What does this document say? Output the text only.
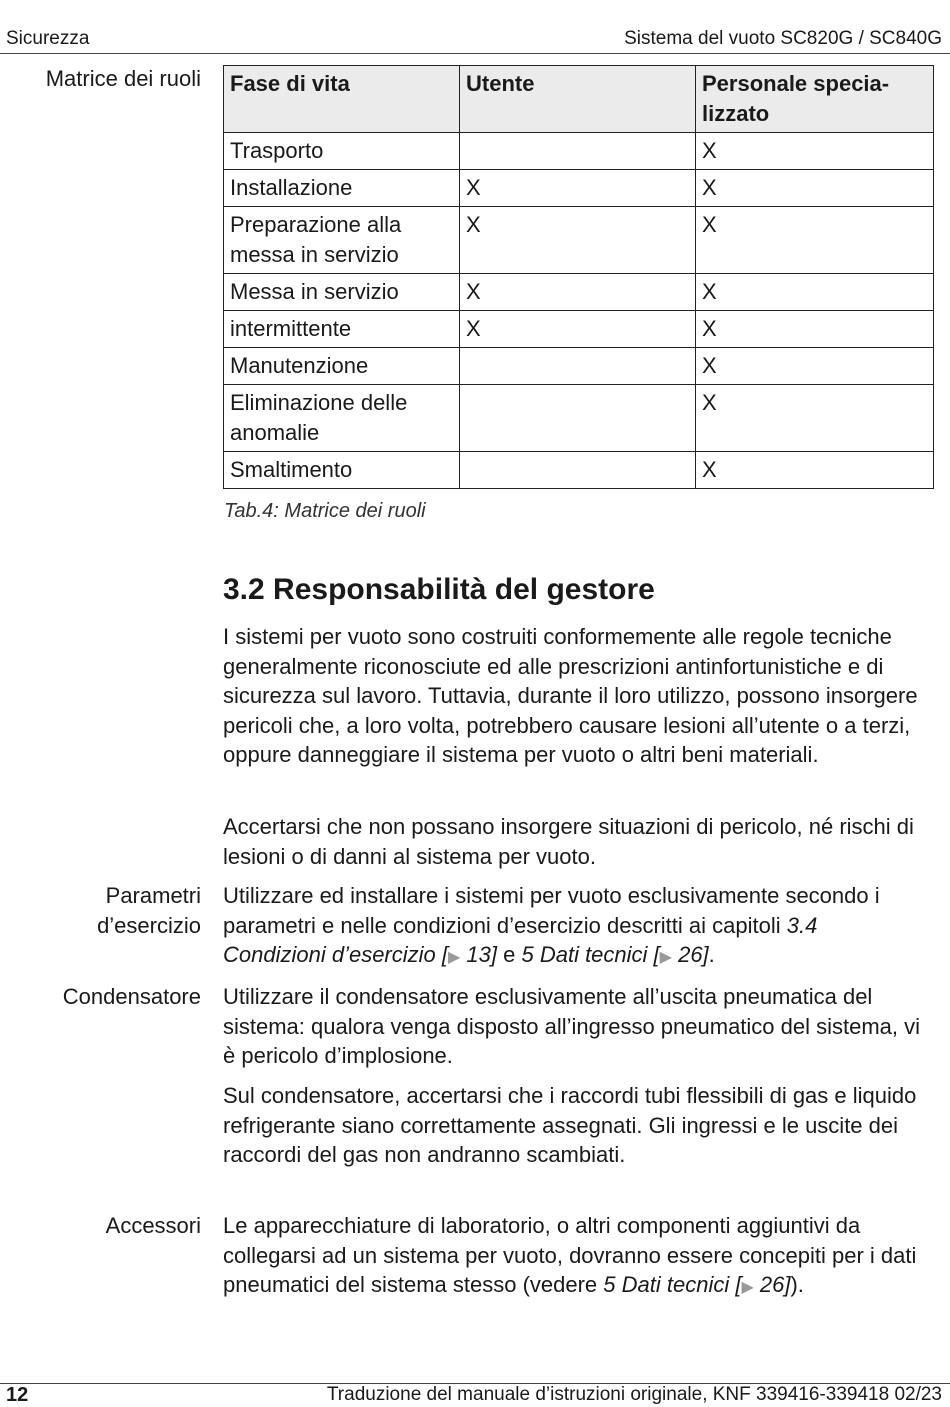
Sicurezza	Sistema del vuoto SC820G / SC840G
Matrice dei ruoli
Parametri
d’esercizio
Condensatore
Accessori
Fase di vita	Utente	Personale specia-
lizzato
Trasporto		X
Installazione	X	X
Preparazione alla messa in servizio	X	X
Messa in servizio	X	X
intermittente	X	X
Manutenzione		X
Eliminazione delle anomalie		X
Smaltimento		X
Tab.4: Matrice dei ruoli
3.2 Responsabilità del gestore

I sistemi per vuoto sono costruiti conformemente alle regole tecniche generalmente riconosciute ed alle prescrizioni antinfortunistiche e di sicurezza sul lavoro. Tuttavia, durante il loro utilizzo, possono insorgere pericoli che, a loro volta, potrebbero causare lesioni all’utente o a terzi, oppure danneggiare il sistema per vuoto o altri beni materiali.

Accertarsi che non possano insorgere situazioni di pericolo, né rischi di lesioni o di danni al sistema per vuoto.

Utilizzare ed installare i sistemi per vuoto esclusivamente secondo i parametri e nelle condizioni d’esercizio descritti ai capitoli 3.4 Condizioni d’esercizio [▶ 13] e 5 Dati tecnici [▶ 26].

Utilizzare il condensatore esclusivamente all’uscita pneumatica del sistema: qualora venga disposto all’ingresso pneumatico del sistema, vi è pericolo d’implosione.

Sul condensatore, accertarsi che i raccordi tubi flessibili di gas e liquido refrigerante siano correttamente assegnati. Gli ingressi e le uscite dei raccordi del gas non andranno scambiati.

Le apparecchiature di laboratorio, o altri componenti aggiuntivi da collegarsi ad un sistema per vuoto, dovranno essere concepiti per i dati pneumatici del sistema stesso (vedere 5 Dati tecnici [▶ 26]).

12	Traduzione del manuale d’istruzioni originale, KNF 339416-339418 02/23
